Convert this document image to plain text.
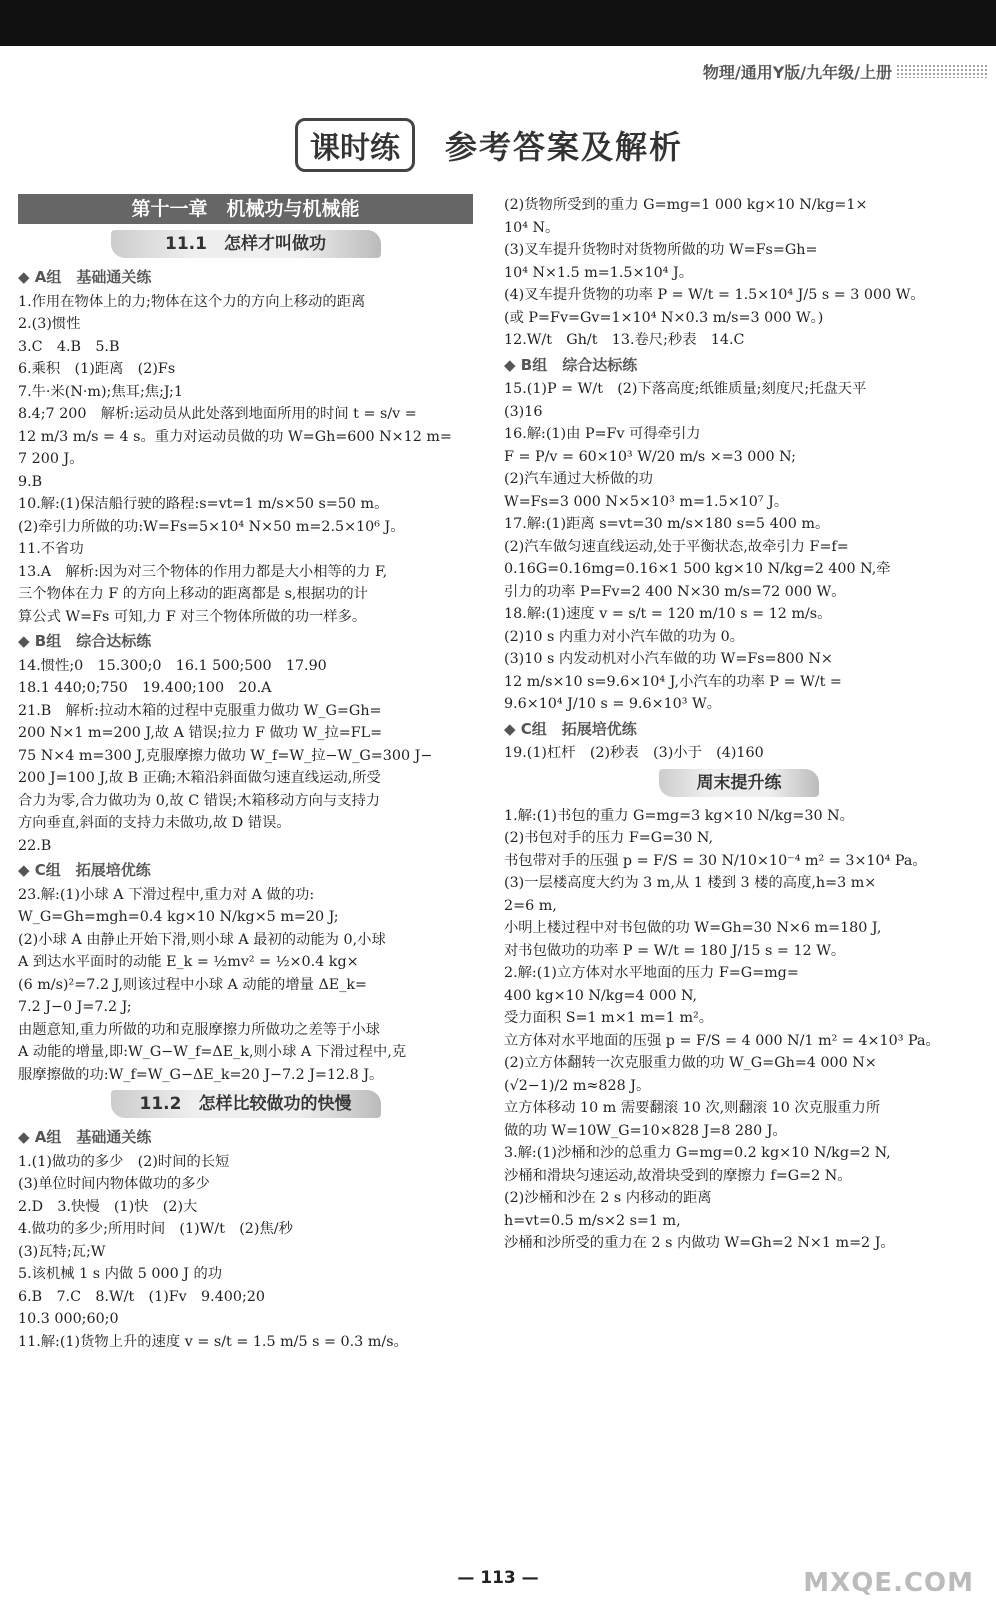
物理/通用Y版/九年级/上册
课时练	参考答案及解析
第十一章　机械功与机械能
11.1　怎样才叫做功
◆ A组　基础通关练
1.作用在物体上的力;物体在这个力的方向上移动的距离
2.(3)惯性
3.C　4.B　5.B
6.乘积　(1)距离　(2)Fs
7.牛·米(N·m);焦耳;焦;J;1
8.4;7 200　解析:运动员从此处落到地面所用的时间 t = s/v =
12 m/3 m/s = 4 s。重力对运动员做的功 W=Gh=600 N×12 m=
7 200 J。
9.B
10.解:(1)保洁船行驶的路程:s=vt=1 m/s×50 s=50 m。
(2)牵引力所做的功:W=Fs=5×10⁴ N×50 m=2.5×10⁶ J。
11.不省功
13.A　解析:因为对三个物体的作用力都是大小相等的力 F,
三个物体在力 F 的方向上移动的距离都是 s,根据功的计
算公式 W=Fs 可知,力 F 对三个物体所做的功一样多。
◆ B组　综合达标练
14.惯性;0　15.300;0　16.1 500;500　17.90
18.1 440;0;750　19.400;100　20.A
21.B　解析:拉动木箱的过程中克服重力做功 W_G=Gh=
200 N×1 m=200 J,故 A 错误;拉力 F 做功 W_拉=FL=
75 N×4 m=300 J,克服摩擦力做功 W_f=W_拉−W_G=300 J−
200 J=100 J,故 B 正确;木箱沿斜面做匀速直线运动,所受
合力为零,合力做功为 0,故 C 错误;木箱移动方向与支持力
方向垂直,斜面的支持力未做功,故 D 错误。
22.B
◆ C组　拓展培优练
23.解:(1)小球 A 下滑过程中,重力对 A 做的功:
W_G=Gh=mgh=0.4 kg×10 N/kg×5 m=20 J;
(2)小球 A 由静止开始下滑,则小球 A 最初的动能为 0,小球
A 到达水平面时的动能 E_k = ½mv² = ½×0.4 kg×
(6 m/s)²=7.2 J,则该过程中小球 A 动能的增量 ΔE_k=
7.2 J−0 J=7.2 J;
由题意知,重力所做的功和克服摩擦力所做功之差等于小球
A 动能的增量,即:W_G−W_f=ΔE_k,则小球 A 下滑过程中,克
服摩擦做的功:W_f=W_G−ΔE_k=20 J−7.2 J=12.8 J。
11.2　怎样比较做功的快慢
◆ A组　基础通关练
1.(1)做功的多少　(2)时间的长短
(3)单位时间内物体做功的多少
2.D　3.快慢　(1)快　(2)大
4.做功的多少;所用时间　(1)W/t　(2)焦/秒
(3)瓦特;瓦;W
5.该机械 1 s 内做 5 000 J 的功
6.B　7.C　8.W/t　(1)Fv　9.400;20
10.3 000;60;0
11.解:(1)货物上升的速度 v = s/t = 1.5 m/5 s = 0.3 m/s。
(2)货物所受到的重力 G=mg=1 000 kg×10 N/kg=1×
10⁴ N。
(3)叉车提升货物时对货物所做的功 W=Fs=Gh=
10⁴ N×1.5 m=1.5×10⁴ J。
(4)叉车提升货物的功率 P = W/t = 1.5×10⁴ J/5 s = 3 000 W。
(或 P=Fv=Gv=1×10⁴ N×0.3 m/s=3 000 W。)
12.W/t　Gh/t　13.卷尺;秒表　14.C
◆ B组　综合达标练
15.(1)P = W/t　(2)下落高度;纸锥质量;刻度尺;托盘天平
(3)16
16.解:(1)由 P=Fv 可得牵引力
F = P/v = 60×10³ W/20 m/s ×=3 000 N;
(2)汽车通过大桥做的功
W=Fs=3 000 N×5×10³ m=1.5×10⁷ J。
17.解:(1)距离 s=vt=30 m/s×180 s=5 400 m。
(2)汽车做匀速直线运动,处于平衡状态,故牵引力 F=f=
0.16G=0.16mg=0.16×1 500 kg×10 N/kg=2 400 N,牵
引力的功率 P=Fv=2 400 N×30 m/s=72 000 W。
18.解:(1)速度 v = s/t = 120 m/10 s = 12 m/s。
(2)10 s 内重力对小汽车做的功为 0。
(3)10 s 内发动机对小汽车做的功 W=Fs=800 N×
12 m/s×10 s=9.6×10⁴ J,小汽车的功率 P = W/t =
9.6×10⁴ J/10 s = 9.6×10³ W。
◆ C组　拓展培优练
19.(1)杠杆　(2)秒表　(3)小于　(4)160
周末提升练
1.解:(1)书包的重力 G=mg=3 kg×10 N/kg=30 N。
(2)书包对手的压力 F=G=30 N,
书包带对手的压强 p = F/S = 30 N/10×10⁻⁴ m² = 3×10⁴ Pa。
(3)一层楼高度大约为 3 m,从 1 楼到 3 楼的高度,h=3 m×
2=6 m,
小明上楼过程中对书包做的功 W=Gh=30 N×6 m=180 J,
对书包做功的功率 P = W/t = 180 J/15 s = 12 W。
2.解:(1)立方体对水平地面的压力 F=G=mg=
400 kg×10 N/kg=4 000 N,
受力面积 S=1 m×1 m=1 m²。
立方体对水平地面的压强 p = F/S = 4 000 N/1 m² = 4×10³ Pa。
(2)立方体翻转一次克服重力做的功 W_G=Gh=4 000 N×
(√2−1)/2 m≈828 J。
立方体移动 10 m 需要翻滚 10 次,则翻滚 10 次克服重力所
做的功 W=10W_G=10×828 J=8 280 J。
3.解:(1)沙桶和沙的总重力 G=mg=0.2 kg×10 N/kg=2 N,
沙桶和滑块匀速运动,故滑块受到的摩擦力 f=G=2 N。
(2)沙桶和沙在 2 s 内移动的距离
h=vt=0.5 m/s×2 s=1 m,
沙桶和沙所受的重力在 2 s 内做功 W=Gh=2 N×1 m=2 J。
— 113 —	MXQE.COM
